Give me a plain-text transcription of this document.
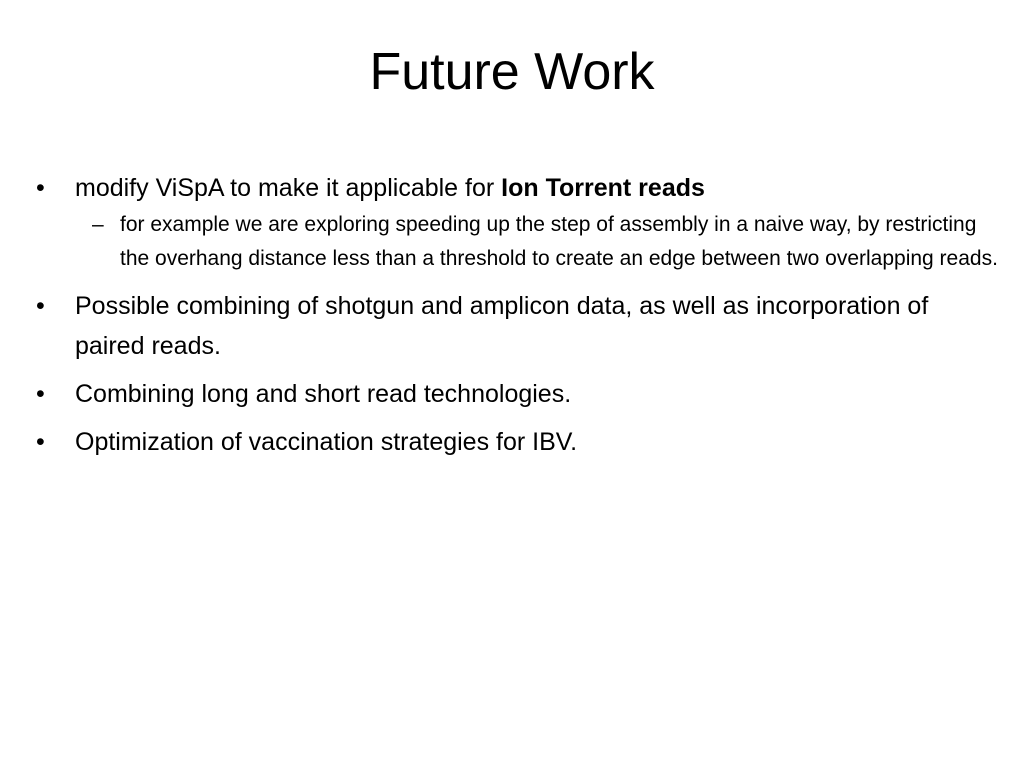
Future Work
•	modify ViSpA to make it applicable for Ion Torrent reads
– for example we are exploring speeding up the step of assembly in a naive way, by restricting the overhang distance less than a threshold to create an edge between two overlapping reads.
•	Possible combining of shotgun and amplicon data, as well as incorporation of paired reads.
•	Combining long and short read technologies.
•	Optimization of vaccination strategies for IBV.
